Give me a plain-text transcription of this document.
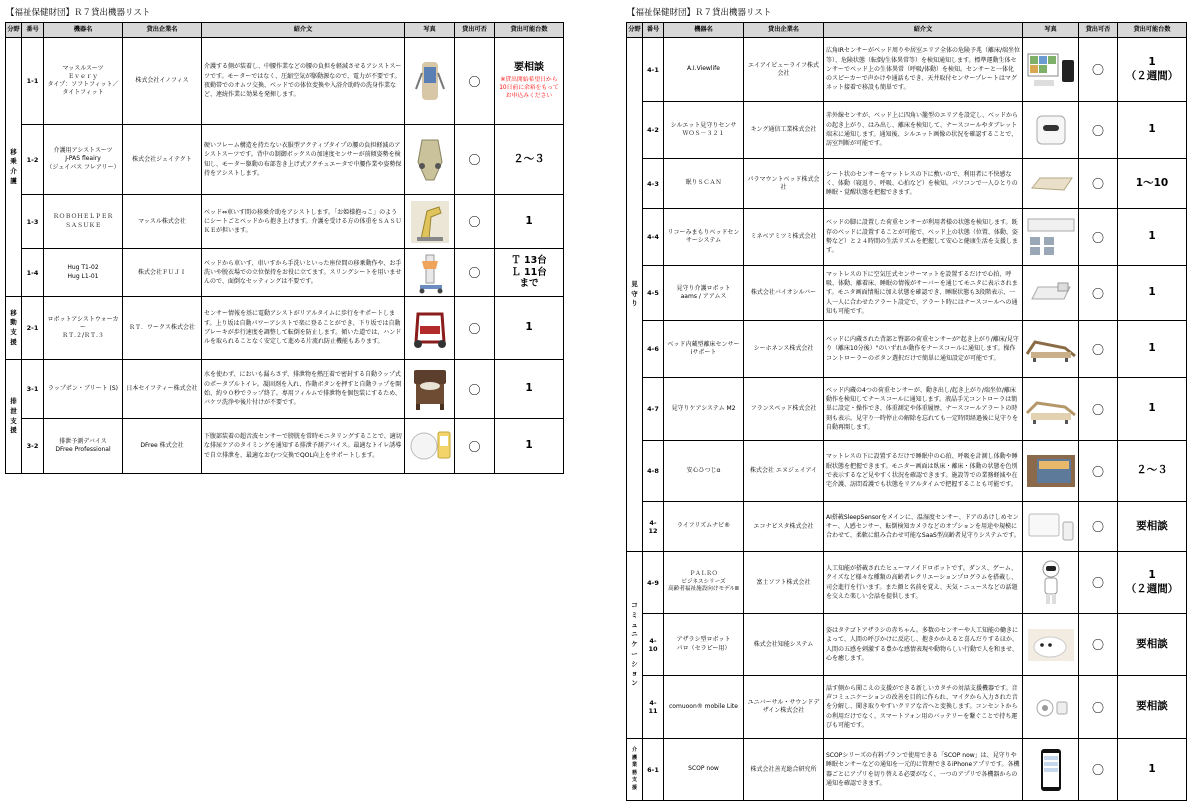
【福祉保健財団】Ｒ７貸出機器リスト
分野	番号	機器名	貸出企業名	紹介文	写真	貸出可否	貸出可能台数
移乗介護	1-1	マッスルスーツ
Ｅｖｅｒｙ
タイプ：ソフトフィット／タイトフィット	株式会社イノフィス	介護する側が装着し、中腰作業などの腰の負担を軽減させるアシストスーツです。モーターではなく、圧縮空気が駆動源なので、電力が不要です。夜勤帯でのオムツ交換、ベッドでの体位変換や入浴介助時の洗身作業など、連続作業に効果を発揮します。		〇	要相談

※貸出開始希望日から10日前に余裕をもってお申込みください

	1-2	介護用アシストスーツ
J-PAS fleairy
（ジェイパス フレアリー）	株式会社ジェイテクト	硬いフレーム構造を持たない衣服型アクティブタイプの腰の負担軽減のアシストスーツです。背中の制御ボックスの加速度センサーが前傾姿勢を検知し、モーター駆動の布部巻き上げ式アクチュエータで中腰作業や姿勢保持をアシストします。		〇	２～３
	1-3	ＲＯＢＯＨＥＬＰＥＲ
ＳＡＳＵＫＥ	マッスル株式会社	ベッド⇔車いす間の移乗介助をアシストします。「お姫様抱っこ」のようにシートごとベッドから抱き上げます。介護を受ける方の体重をＳＡＳＵＫＥが担います。		〇	1
	1-4	Hug T1-02
Hug L1-01	株式会社ＦＵＪＩ	ベッドから車いす、車いすから手洗いといった座位間の移乗動作や、お手洗いや脱衣場での立位保持をお役に立てます。スリングシートを用いませんので、面倒なセッティングは不要です。		〇	Ｔ 13台
Ｌ 11台
まで
移動支援	2-1	ロボットアシストウォーカー
ＲＴ.２/ＲＴ.３	ＲＴ．ワークス株式会社	センサー情報を基に電動アシストがリアルタイムに歩行をサポートします。上り坂は自動パワーアシストで楽に登ることができ、下り坂では自動ブレーキが歩行速度を調整して転倒を防止します。傾いた道では、ハンドルを取られることなく安定して進める片流れ防止機能もあります。		〇	1
排泄支援	3-1	ラップポン・ブリート (S)	日本セイフティー株式会社	水を使わず、においも漏らさず、排泄物を熱圧着で密封する自動ラップ式のポータブルトイレ。凝固剤を入れ、作動ボタンを押すと自動ラップを開始、約９０秒でラップ終了。専用フィルムで排泄物を個包装にするため、バケツ洗浄や後片付けが不要です。		〇	1
	3-2	排泄予測デバイス
DFree Professional	DFree 株式会社	下腹部装着の超音波センサーで膀胱を常時モニタリングすることで、適切な排尿ケアのタイミングを通知する排泄予測デバイス。最適なトイレ誘導で自立排泄を、最適なおむつ交換でQOL向上をサポートします。		〇	1
【福祉保健財団】Ｒ７貸出機器リスト
分野	番号	機器名	貸出企業名	紹介文	写真	貸出可否	貸出可能台数
見守り	4-1	A.I.Viewlife	エイアイビューライフ株式会社	広角IRセンサーがベッド周りや居室エリア全体の危険予兆（離床/端坐位等）、危険状態（転倒/生体異常等）を検知通知します。標準運動生体センサーでベッド上の生体異常（呼吸/体動）を検知。センサーと一体化のスピーカーで声かけや通話もでき、天井取付センサープレートはマグネット接着で移設も簡単です。		〇	1
（２週間）
	4-2	シルエット見守りセンサ
ＷＯＳ－３２１	キング通信工業株式会社	赤外線センサが、ベッド上に四角い籠型のエリアを設定し、ベッドからの起き上がり、はみ出し、離床を検知して、ナースコールやタブレット端末に通知します。通知後、シルエット画像の状況を確認することで、訪室判断が可能です。		〇	1
	4-3	眠りＳＣＡＮ	パラマウントベッド株式会社	シート状のセンサーをマットレスの下に敷いので、利用者に不快感なく、体動（寝返り、呼吸、心拍など）を検知。パソコンで一人ひとりの睡眠・覚醒状態を把握できます。		〇	1～10
	4-4	リコーみまもりベッドセンサーシステム	ミネベアミツミ株式会社	ベッドの脚に設置した荷重センサーが利用者様の状態を検知します。既存のベッドに設置することが可能で、ベッド上の状態（位置、体動、姿勢など）と２４時間の生活リズムを把握して安心と健康生活を支援します。		〇	1
	4-5	見守り介護ロボット
aams / アアムス	株式会社バイオシルバー	マットレスの下に空気圧式センサーマットを設置するだけで心拍、呼吸、体動、離着床、睡眠の情報がサーバーを通じてモニタに表示されます。モニタ画面情報に加え状態を確認でき、睡眠状態も3段階表示、一人一人に合わせたアラート設定で、アラート時にはナースコールへの通知も可能です。		〇	1
	4-6	ベッド内蔵型離床センサー
iサポート	シーホネンス株式会社	ベッドに内蔵された背部と臀部の荷重センサーが"起き上がり/離床/見守り（離床10分後）"のいずれか動作をナースコールに通知します。操作コントローラーのボタン選択だけで簡単に通知設定が可能です。		〇	1
	4-7	見守りケアシステム M2	フランスベッド株式会社	ベッド内蔵の4つの荷重センサーが、動き出し/起き上がり/端坐位/離床動作を検知してナースコールに通知します。液晶手元コントローラは簡単に設定・操作でき、体重測定や体重履歴、ナースコールアラートの時刻も表示。見守り一時停止の解除を忘れても一定時間経過後に見守りを自動再開します。		〇	1
	4-8	安心ひつじα	株式会社 エヌジェイアイ	マットレスの下に設置するだけで睡眠中の心拍、呼吸を計測し体動や睡眠状態を把握できます。モニター画面は臥床・離床・体動の状態を色別で表示するなど見やすく状況を確認できます。施設等での業務軽減や在宅介護、訪問看護でも状態をリアルタイムで把握することも可能です。		〇	２～３
	4-12	ライフリズムナビ®	エコナビスタ株式会社	AI搭載SleepSensorをメインに、温湿度センサー、ドアのあけしめセンサー、人感センサー、転倒検知カメラなどのオプションを用途や規模に合わせて、柔軟に組み合わせ可能なSaaS型高齢者見守りシステムです。		〇	要相談
コミュニケーション	4-9	ＰＡＬＲＯ
ビジネスシリーズ
高齢者福祉施設向けモデルⅢ	富士ソフト株式会社	人工知能が搭載されたヒューマノイドロボットです。ダンス、ゲーム、クイズなど様々な種類の高齢者レクリエーションプログラムを搭載し、司会進行を行います。また顔と名前を覚え、天気・ニュースなどの話題を交えた楽しい会話を提供します。		〇	1
（２週間）
	4-10	アザラシ型ロボット
パロ（セラピー用）	株式会社知能システム	姿はタテゴトアザラシの赤ちゃん。多数のセンサーや人工知能の働きによって、人間の呼びかけに反応し、抱きかかえると喜んだりするほか、人間の五感を刺激する豊かな感情表現や動物らしい行動で人を和ませ、心を癒します。		〇	要相談
	4-11	comuoon® mobile Lite	ユニバーサル・サウンドデザイン株式会社	話す側から聞こえの支援ができる新しいカタチの対話支援機器です。音声コミュニケーションの改善を目的に作られ、マイクから入力された音を分解し、聞き取りやすいクリアな音へと変換します。コンセントからの利用だけでなく、スマートフォン用のバッテリーを繋ぐことで持ち運びも可能です。		〇	要相談
介護業務支援	6-1	SCOP now	株式会社善光総合研究所	SCOPシリーズの有料プランで使用できる「SCOP now」は、見守りや睡眠センサーなどの通知を一元的に管理できるiPhoneアプリです。各機器ごとにアプリを切り替える必要がなく、一つのアプリで各機器からの通知を確認できます。		〇	1
